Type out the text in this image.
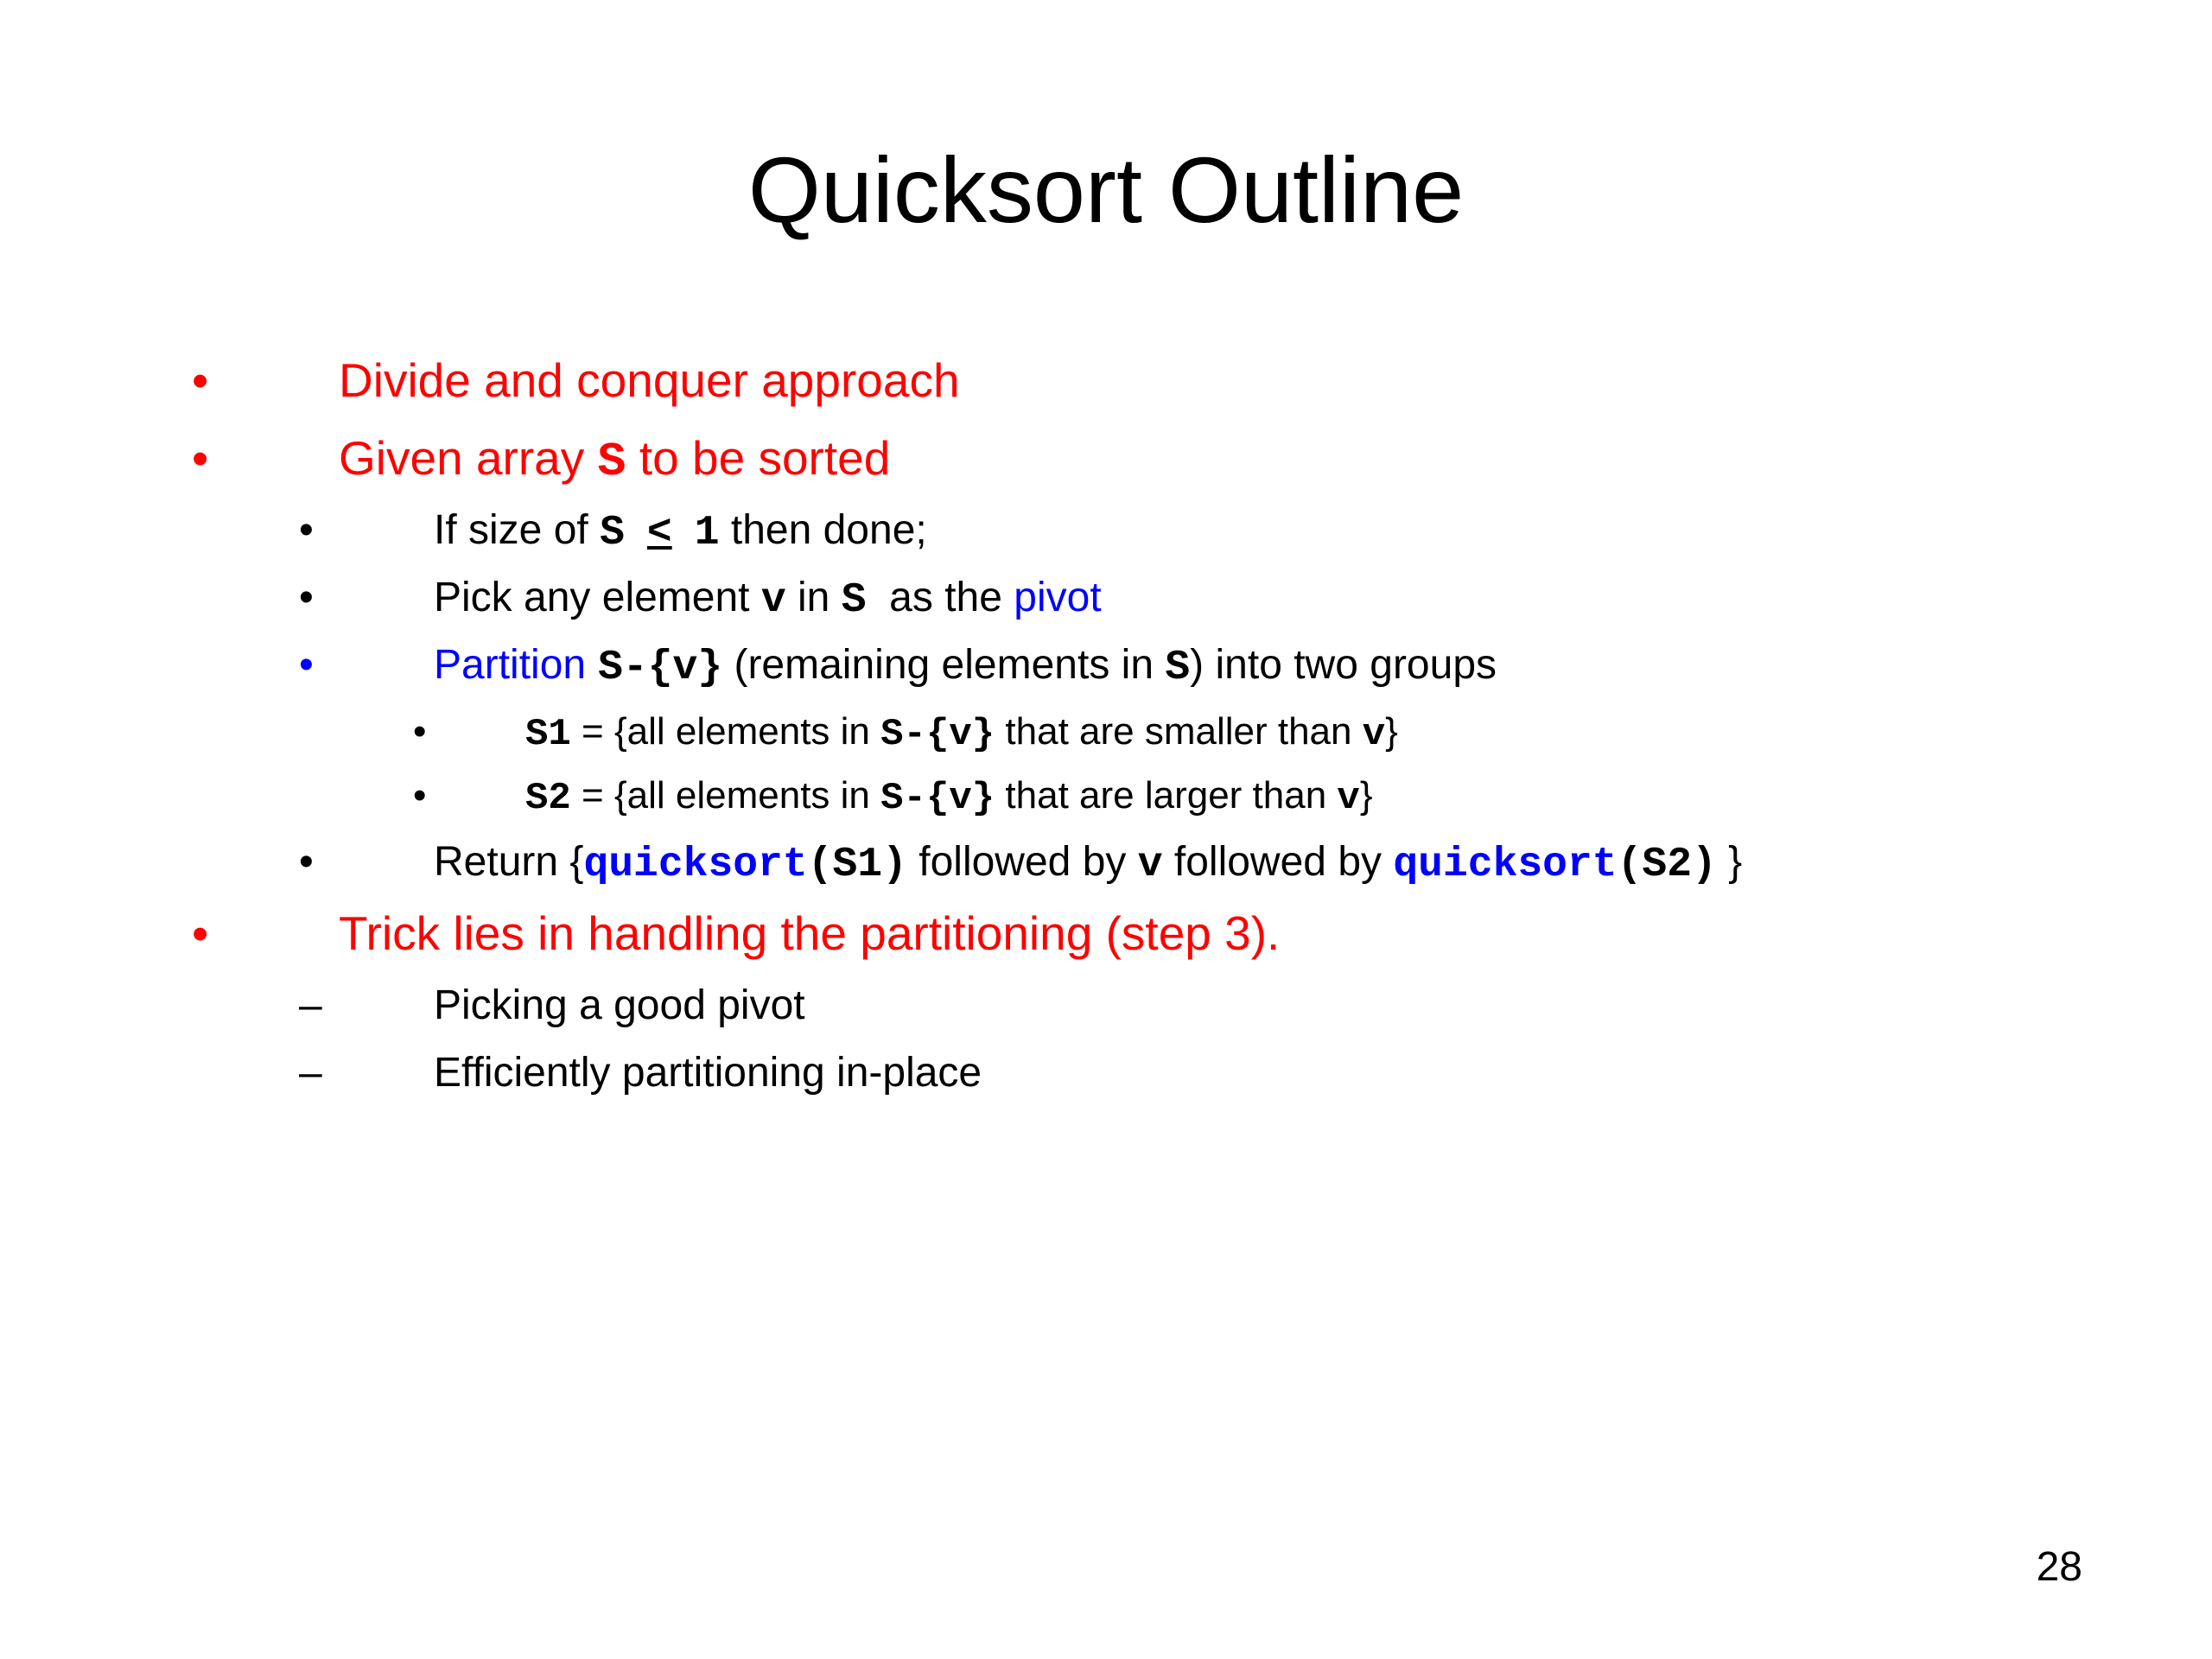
Quicksort Outline
•	Divide and conquer approach
•	Given array S to be sorted
•	If size of S ≤ 1 then done;
•	Pick any element v in S  as the pivot
•	Partition S-{v} (remaining elements in S) into two groups
•	S1 = {all elements in S-{v} that are smaller than v}
•	S2 = {all elements in S-{v} that are larger than v}
•	Return {quicksort(S1) followed by v followed by quicksort(S2) }
•	Trick lies in handling the partitioning (step 3).
–	Picking a good pivot
–	Efficiently partitioning in-place
28
